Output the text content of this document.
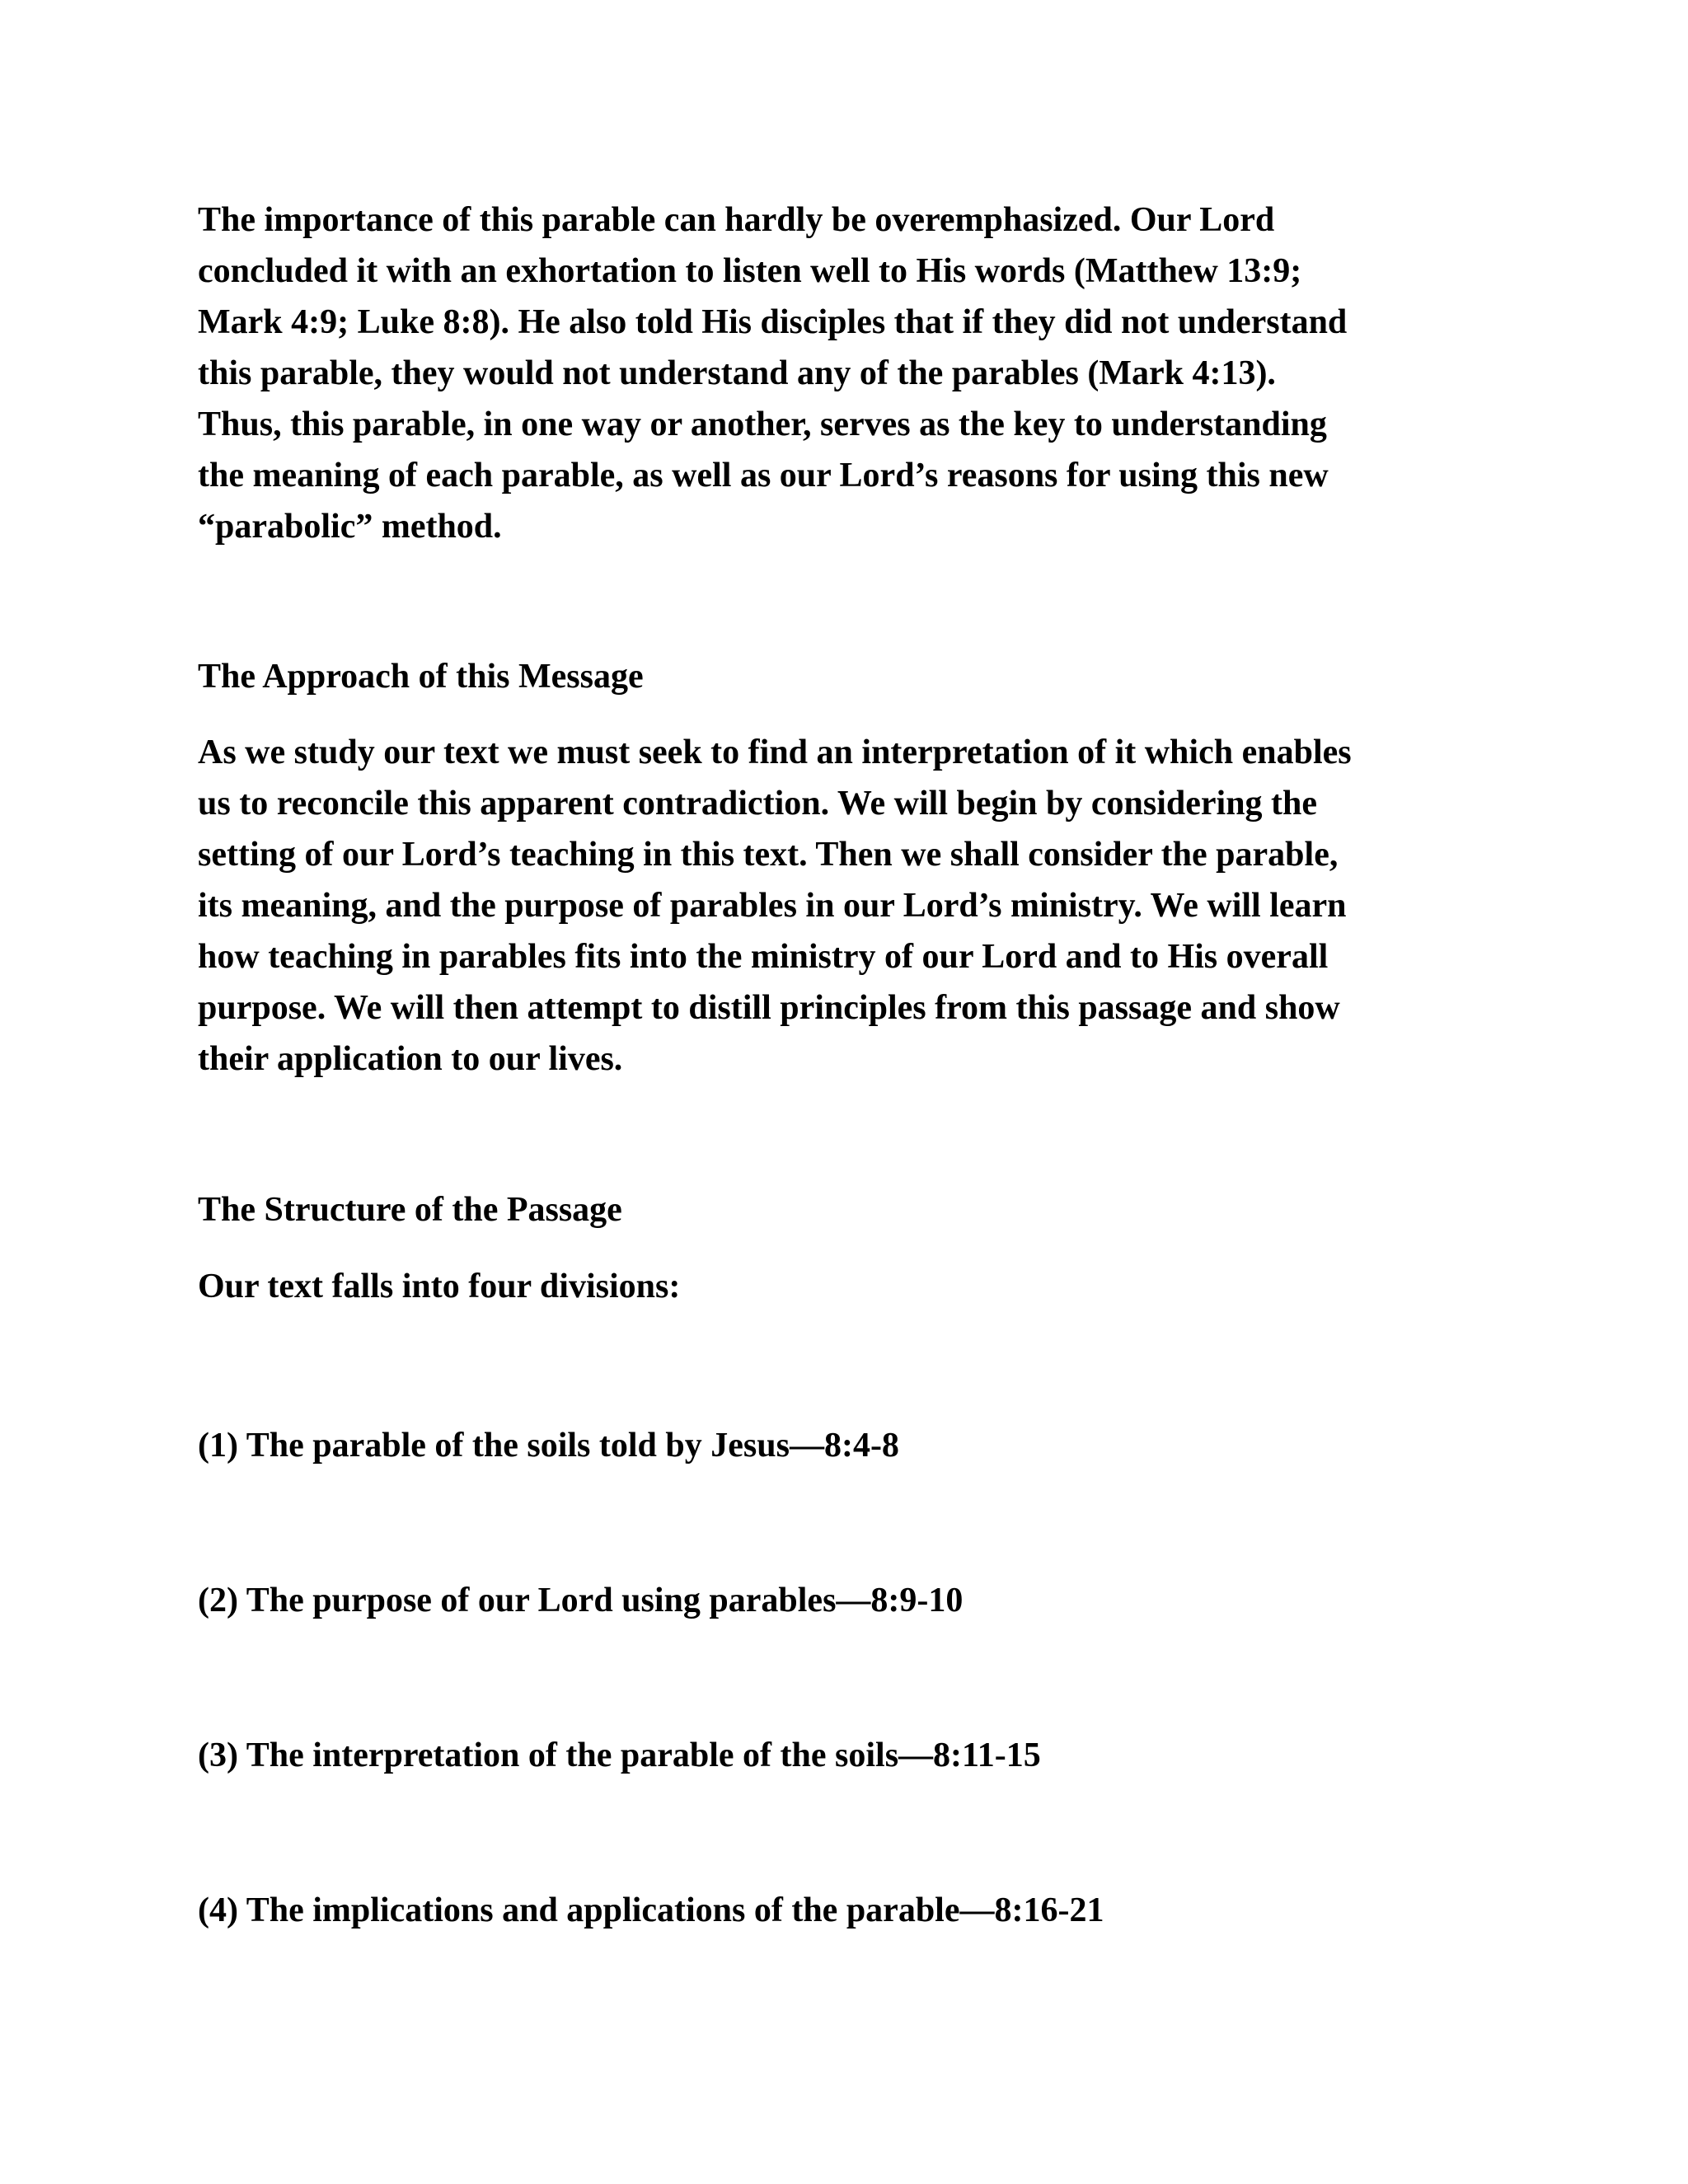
The importance of this parable can hardly be overemphasized. Our Lord
concluded it with an exhortation to listen well to His words (Matthew 13:9;
Mark 4:9; Luke 8:8). He also told His disciples that if they did not understand
this parable, they would not understand any of the parables (Mark 4:13).
Thus, this parable, in one way or another, serves as the key to understanding
the meaning of each parable, as well as our Lord’s reasons for using this new
“parabolic” method.

The Approach of this Message

As we study our text we must seek to find an interpretation of it which enables
us to reconcile this apparent contradiction. We will begin by considering the
setting of our Lord’s teaching in this text. Then we shall consider the parable,
its meaning, and the purpose of parables in our Lord’s ministry. We will learn
how teaching in parables fits into the ministry of our Lord and to His overall
purpose. We will then attempt to distill principles from this passage and show
their application to our lives.

The Structure of the Passage

Our text falls into four divisions:

(1) The parable of the soils told by Jesus—8:4-8

(2) The purpose of our Lord using parables—8:9-10

(3) The interpretation of the parable of the soils—8:11-15

(4) The implications and applications of the parable—8:16-21
